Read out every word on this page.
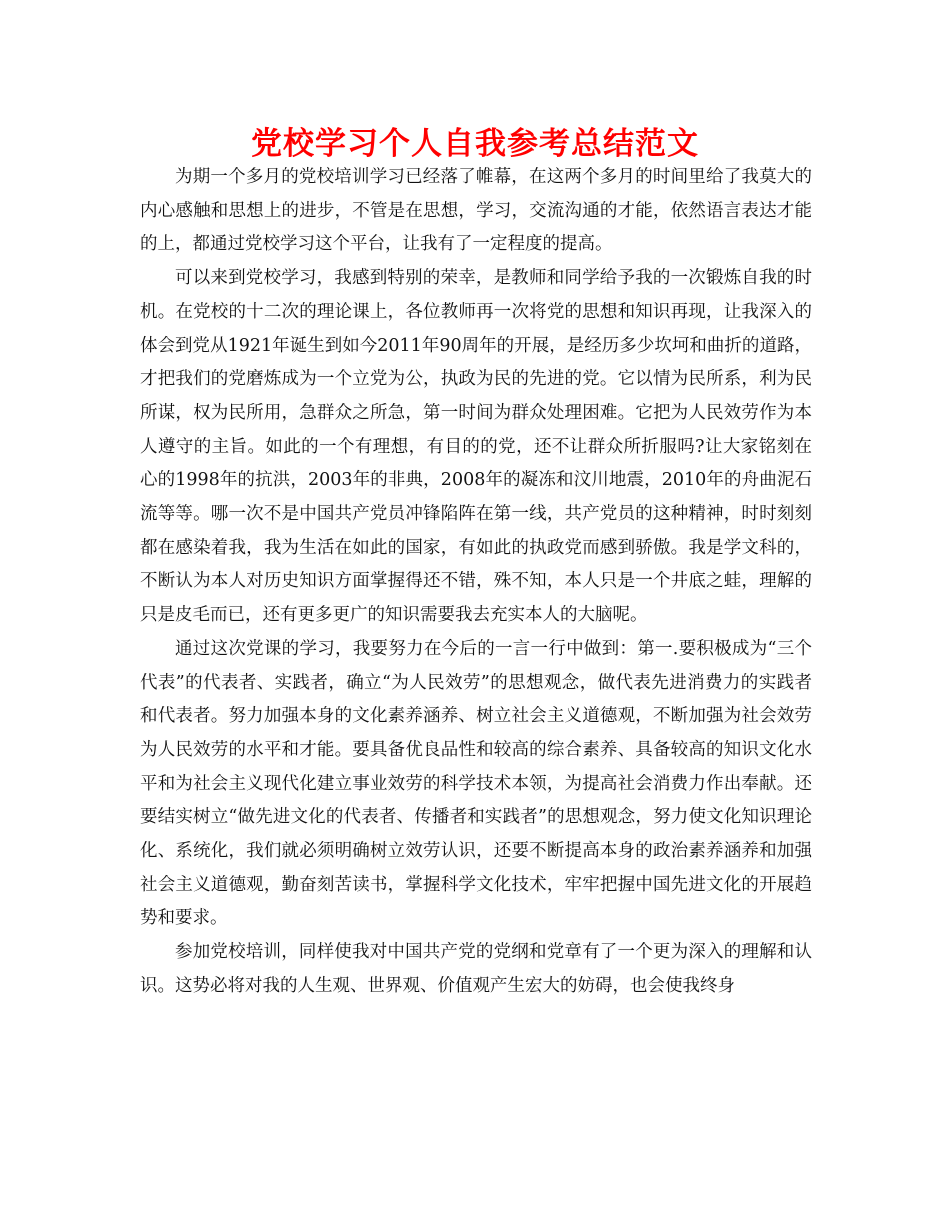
党校学习个人自我参考总结范文

为期一个多月的党校培训学习已经落了帷幕，在这两个多月的时间里给了我莫大的内心感触和思想上的进步，不管是在思想，学习，交流沟通的才能，依然语言表达才能的上，都通过党校学习这个平台，让我有了一定程度的提高。

可以来到党校学习，我感到特别的荣幸，是教师和同学给予我的一次锻炼自我的时机。在党校的十二次的理论课上，各位教师再一次将党的思想和知识再现，让我深入的体会到党从1921年诞生到如今2011年90周年的开展，是经历多少坎坷和曲折的道路，才把我们的党磨炼成为一个立党为公，执政为民的先进的党。它以情为民所系，利为民所谋，权为民所用，急群众之所急，第一时间为群众处理困难。它把为人民效劳作为本人遵守的主旨。如此的一个有理想，有目的的党，还不让群众所折服吗?让大家铭刻在心的1998年的抗洪，2003年的非典，2008年的凝冻和汶川地震，2010年的舟曲泥石流等等。哪一次不是中国共产党员冲锋陷阵在第一线，共产党员的这种精神，时时刻刻都在感染着我，我为生活在如此的国家，有如此的执政党而感到骄傲。我是学文科的，不断认为本人对历史知识方面掌握得还不错，殊不知，本人只是一个井底之蛙，理解的只是皮毛而已，还有更多更广的知识需要我去充实本人的大脑呢。

通过这次党课的学习，我要努力在今后的一言一行中做到：第一.要积极成为“三个代表”的代表者、实践者，确立“为人民效劳”的思想观念，做代表先进消费力的实践者和代表者。努力加强本身的文化素养涵养、树立社会主义道德观，不断加强为社会效劳为人民效劳的水平和才能。要具备优良品性和较高的综合素养、具备较高的知识文化水平和为社会主义现代化建立事业效劳的科学技术本领，为提高社会消费力作出奉献。还要结实树立“做先进文化的代表者、传播者和实践者”的思想观念，努力使文化知识理论化、系统化，我们就必须明确树立效劳认识，还要不断提高本身的政治素养涵养和加强社会主义道德观，勤奋刻苦读书，掌握科学文化技术，牢牢把握中国先进文化的开展趋势和要求。

参加党校培训，同样使我对中国共产党的党纲和党章有了一个更为深入的理解和认识。这势必将对我的人生观、世界观、价值观产生宏大的妨碍，也会使我终身
